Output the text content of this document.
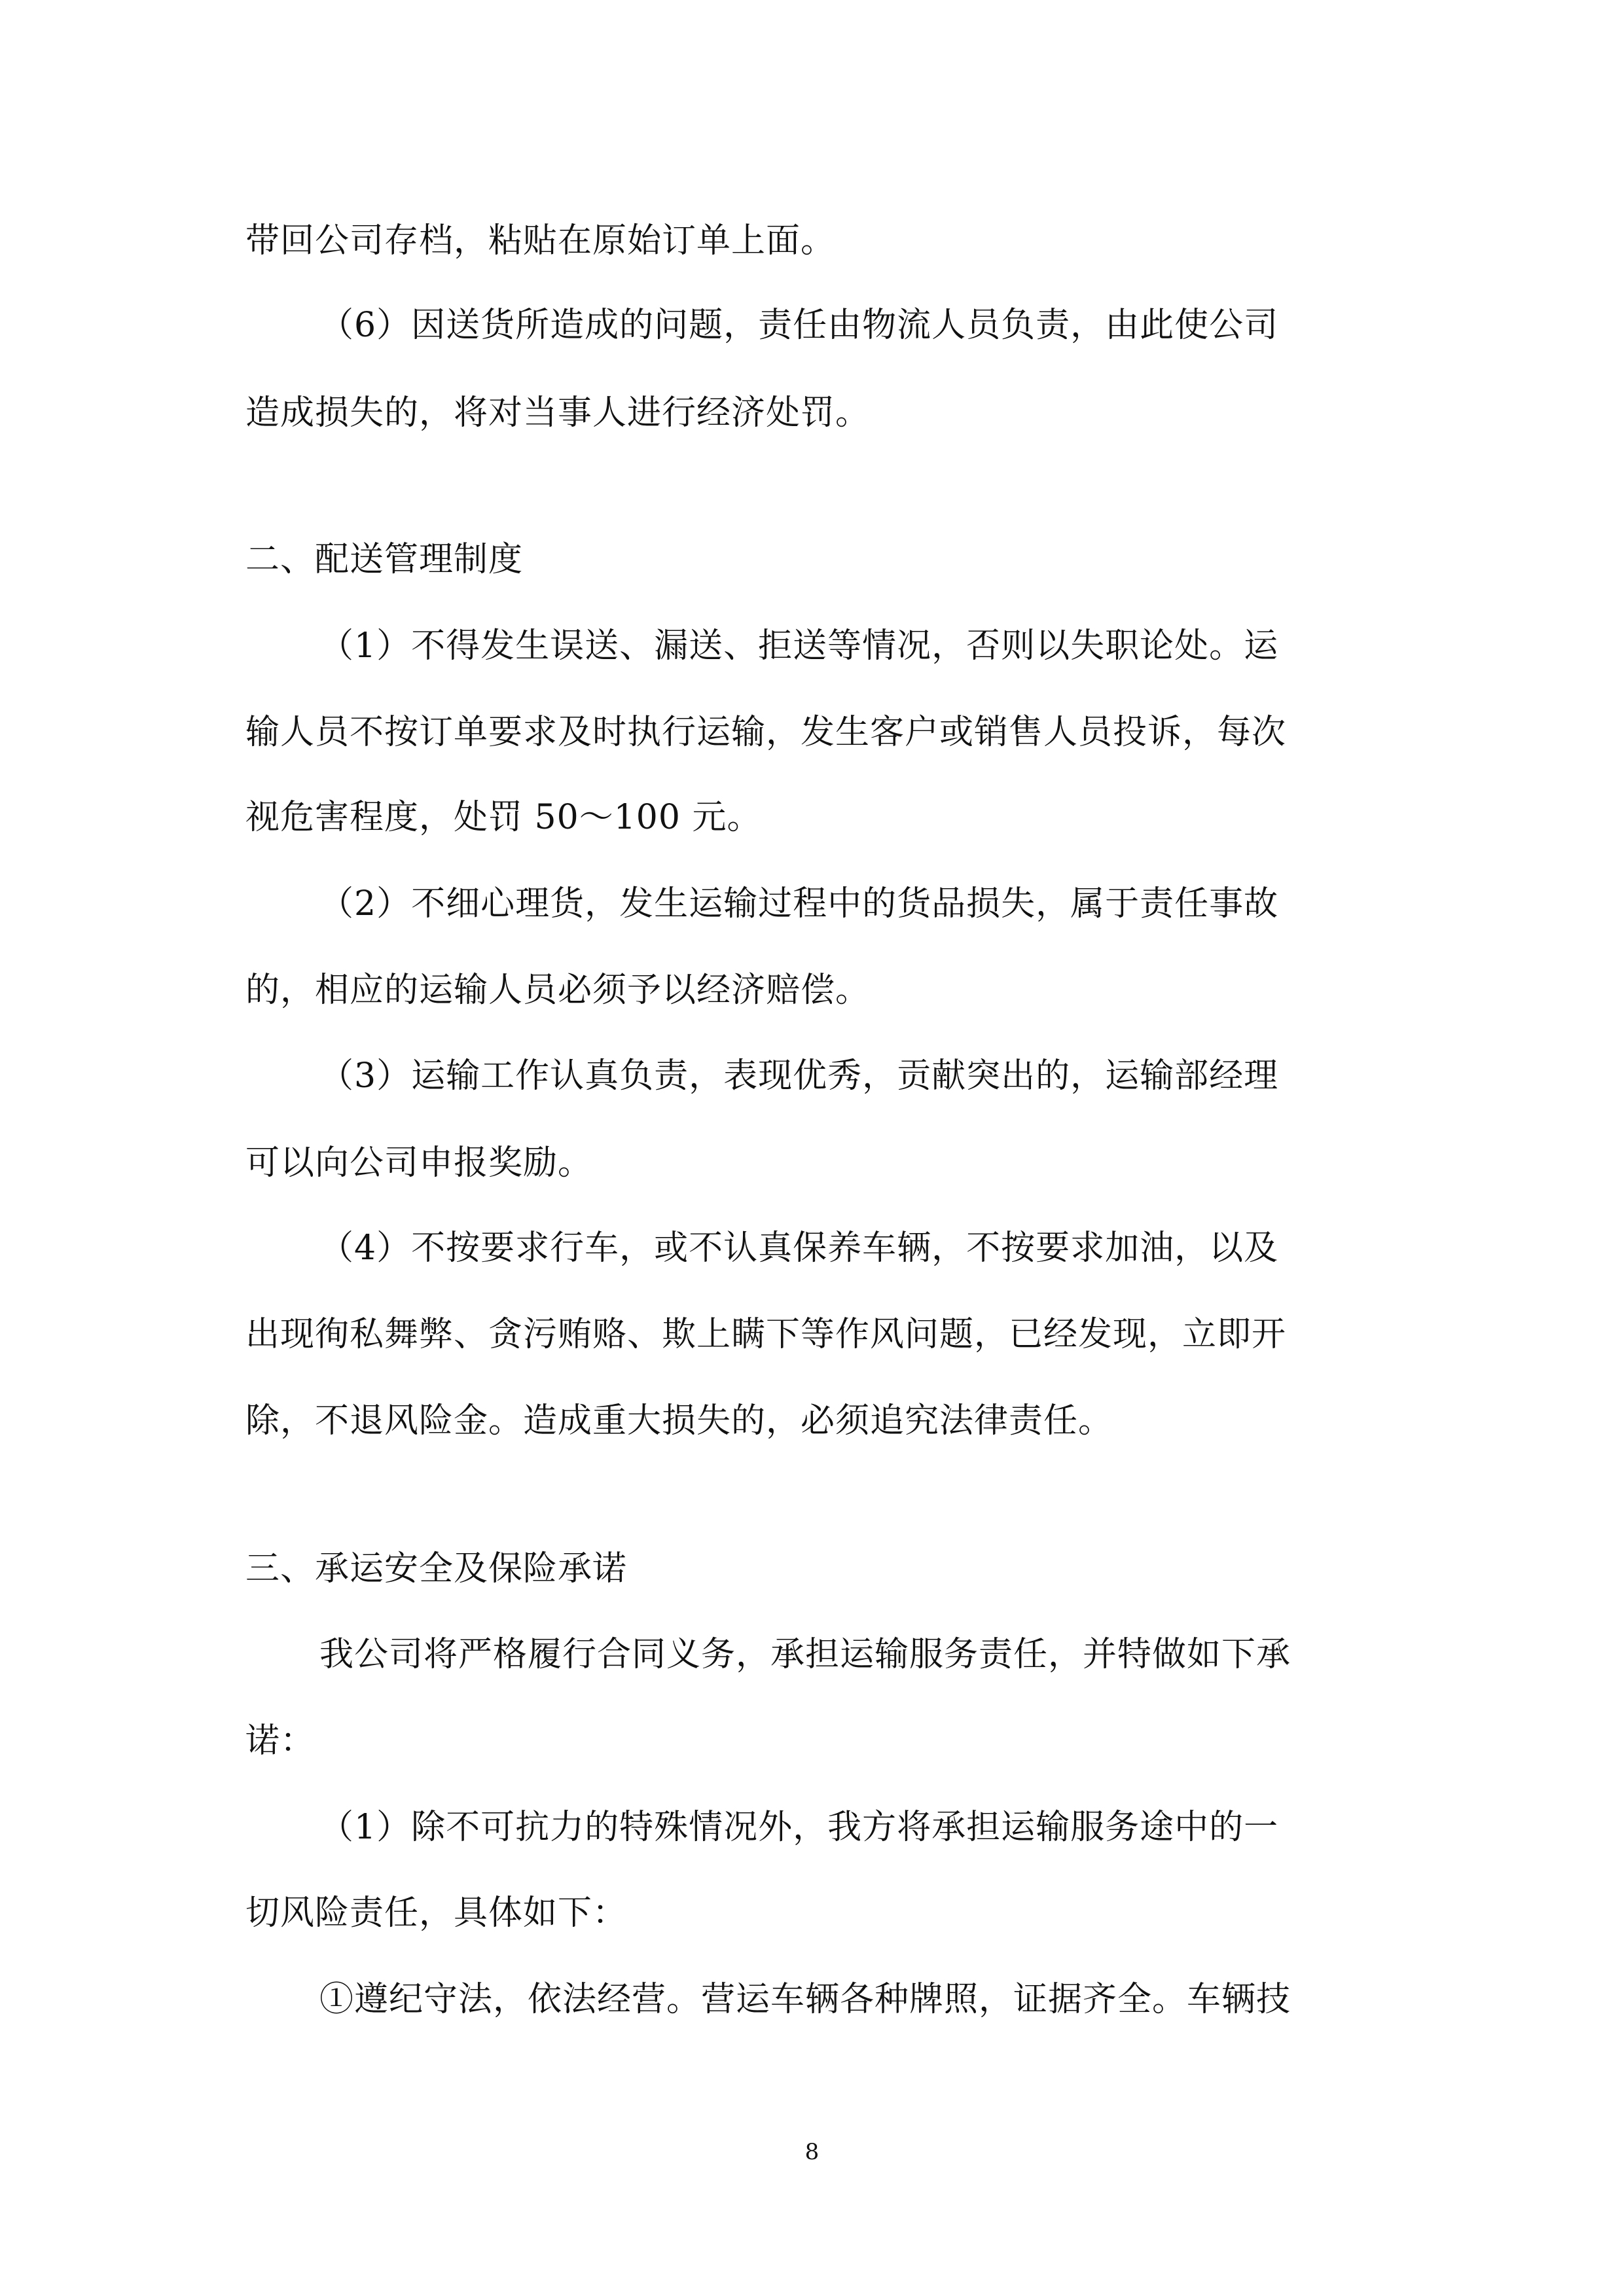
带回公司存档，粘贴在原始订单上面。
（6）因送货所造成的问题，责任由物流人员负责，由此使公司
造成损失的，将对当事人进行经济处罚。
二、配送管理制度
（1）不得发生误送、漏送、拒送等情况，否则以失职论处。运
输人员不按订单要求及时执行运输，发生客户或销售人员投诉，每次
视危害程度，处罚 50～100 元。
（2）不细心理货，发生运输过程中的货品损失，属于责任事故
的，相应的运输人员必须予以经济赔偿。
（3）运输工作认真负责，表现优秀，贡献突出的，运输部经理
可以向公司申报奖励。
（4）不按要求行车，或不认真保养车辆，不按要求加油，以及
出现徇私舞弊、贪污贿赂、欺上瞒下等作风问题，已经发现，立即开
除，不退风险金。造成重大损失的，必须追究法律责任。
三、承运安全及保险承诺
我公司将严格履行合同义务，承担运输服务责任，并特做如下承
诺：
（1）除不可抗力的特殊情况外，我方将承担运输服务途中的一
切风险责任，具体如下：
①遵纪守法，依法经营。营运车辆各种牌照，证据齐全。车辆技
8
